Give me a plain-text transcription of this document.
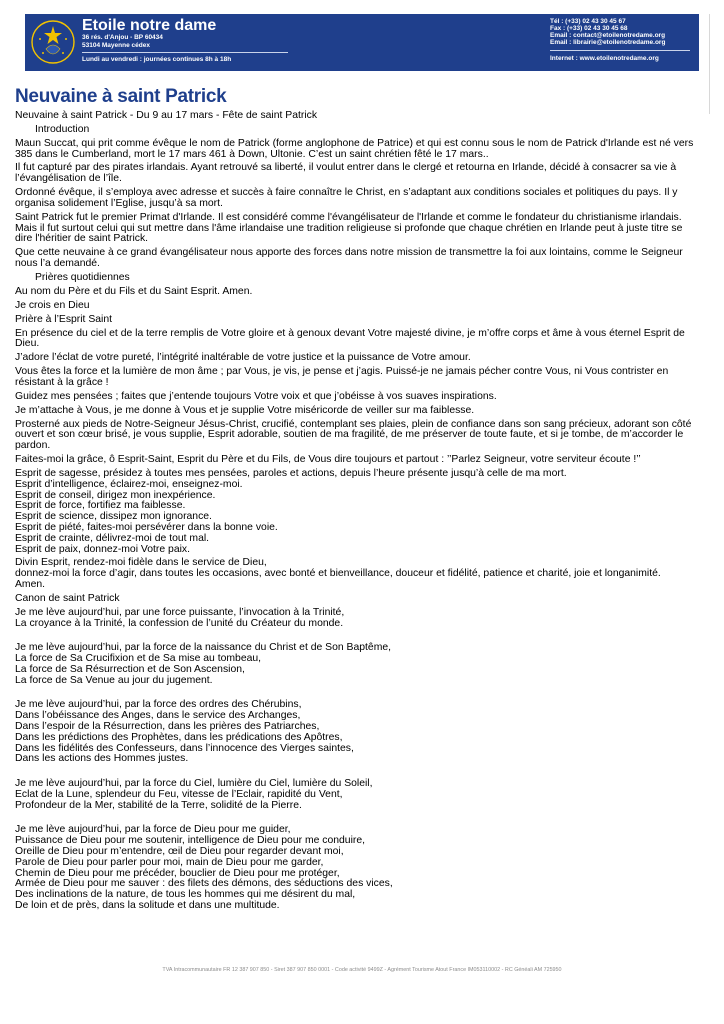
Etoile notre dame
36 rés. d'Anjou - BP 60434
53104 Mayenne cédex
Lundi au vendredi : journées continues 8h à 18h
Tél : (+33) 02 43 30 45 67
Fax : (+33) 02 43 30 45 68
Email : contact@etoilenotredame.org
Email : librairie@etoilenotredame.org
Internet : www.etoilenotredame.org
Neuvaine à saint Patrick

Neuvaine à saint Patrick - Du 9 au 17 mars - Fête de saint Patrick

Introduction

Maun Succat, qui prit comme évêque le nom de Patrick (forme anglophone de Patrice) et qui est connu sous le nom de Patrick d'Irlande est né vers
385 dans le Cumberland, mort le 17 mars 461 à Down, Ultonie. C’est un saint chrétien fêté le 17 mars..

Il fut capturé par des pirates irlandais. Ayant retrouvé sa liberté, il voulut entrer dans le clergé et retourna en Irlande, décidé à consacrer sa vie à
l’évangélisation de l’île.

Ordonné évêque, il s’employa avec adresse et succès à faire connaître le Christ, en s’adaptant aux conditions sociales et politiques du pays. Il y
organisa solidement l’Eglise, jusqu’à sa mort.

Saint Patrick fut le premier Primat d'Irlande. Il est considéré comme l'évangélisateur de l'Irlande et comme le fondateur du christianisme irlandais.
Mais il fut surtout celui qui sut mettre dans l'âme irlandaise une tradition religieuse si profonde que chaque chrétien en Irlande peut à juste titre se
dire l'héritier de saint Patrick.

Que cette neuvaine à ce grand évangélisateur nous apporte des forces dans notre mission de transmettre la foi aux lointains, comme le Seigneur
nous l’a demandé.

Prières quotidiennes

Au nom du Père et du Fils et du Saint Esprit. Amen.

Je crois en Dieu

Prière à l’Esprit Saint

En présence du ciel et de la terre remplis de Votre gloire et à genoux devant Votre majesté divine, je m’offre corps et âme à vous éternel Esprit de
Dieu.

J’adore l’éclat de votre pureté, l’intégrité inaltérable de votre justice et la puissance de Votre amour.

Vous êtes la force et la lumière de mon âme ; par Vous, je vis, je pense et j’agis. Puissé-je ne jamais pécher contre Vous, ni Vous contrister en
résistant à la grâce !

Guidez mes pensées ; faites que j’entende toujours Votre voix et que j’obéisse à vos suaves inspirations.

Je m’attache à Vous, je me donne à Vous et je supplie Votre miséricorde de veiller sur ma faiblesse.

Prosterné aux pieds de Notre-Seigneur Jésus-Christ, crucifié, contemplant ses plaies, plein de confiance dans son sang précieux, adorant son côté
ouvert et son cœur brisé, je vous supplie, Esprit adorable, soutien de ma fragilité, de me préserver de toute faute, et si je tombe, de m’accorder le
pardon.

Faites-moi la grâce, ô Esprit-Saint, Esprit du Père et du Fils, de Vous dire toujours et partout : ’’Parlez Seigneur, votre serviteur écoute !’’

Esprit de sagesse, présidez à toutes mes pensées, paroles et actions, depuis l’heure présente jusqu’à celle de ma mort.
Esprit d’intelligence, éclairez-moi, enseignez-moi.
Esprit de conseil, dirigez mon inexpérience.
Esprit de force, fortifiez ma faiblesse.
Esprit de science, dissipez mon ignorance.
Esprit de piété, faites-moi persévérer dans la bonne voie.
Esprit de crainte, délivrez-moi de tout mal.
Esprit de paix, donnez-moi Votre paix.

Divin Esprit, rendez-moi fidèle dans le service de Dieu,
donnez-moi la force d’agir, dans toutes les occasions, avec bonté et bienveillance, douceur et fidélité, patience et charité, joie et longanimité.
Amen.

Canon de saint Patrick

Je me lève aujourd’hui, par une force puissante, l’invocation à la Trinité,
La croyance à la Trinité, la confession de l’unité du Créateur du monde.

Je me lève aujourd’hui, par la force de la naissance du Christ et de Son Baptême,
La force de Sa Crucifixion et de Sa mise au tombeau,
La force de Sa Résurrection et de Son Ascension,
La force de Sa Venue au jour du jugement.

Je me lève aujourd’hui, par la force des ordres des Chérubins,
Dans l’obéissance des Anges, dans le service des Archanges,
Dans l’espoir de la Résurrection, dans les prières des Patriarches,
Dans les prédictions des Prophètes, dans les prédications des Apôtres,
Dans les fidélités des Confesseurs, dans l’innocence des Vierges saintes,
Dans les actions des Hommes justes.

Je me lève aujourd’hui, par la force du Ciel, lumière du Ciel, lumière du Soleil,
Eclat de la Lune, splendeur du Feu, vitesse de l’Eclair, rapidité du Vent,
Profondeur de la Mer, stabilité de la Terre, solidité de la Pierre.

Je me lève aujourd’hui, par la force de Dieu pour me guider,
Puissance de Dieu pour me soutenir, intelligence de Dieu pour me conduire,
Oreille de Dieu pour m’entendre, œil de Dieu pour regarder devant moi,
Parole de Dieu pour parler pour moi, main de Dieu pour me garder,
Chemin de Dieu pour me précéder, bouclier de Dieu pour me protéger,
Armée de Dieu pour me sauver : des filets des démons, des séductions des vices,
Des inclinations de la nature, de tous les hommes qui me désirent du mal,
De loin et de près, dans la solitude et dans une multitude.

TVA Intracommunautaire FR 12 387 907 850 - Siret 387 907 850 0001 - Code activité 9499Z - Agrément Tourisme Atout France IM053110002 - RC Généali AM 725950
